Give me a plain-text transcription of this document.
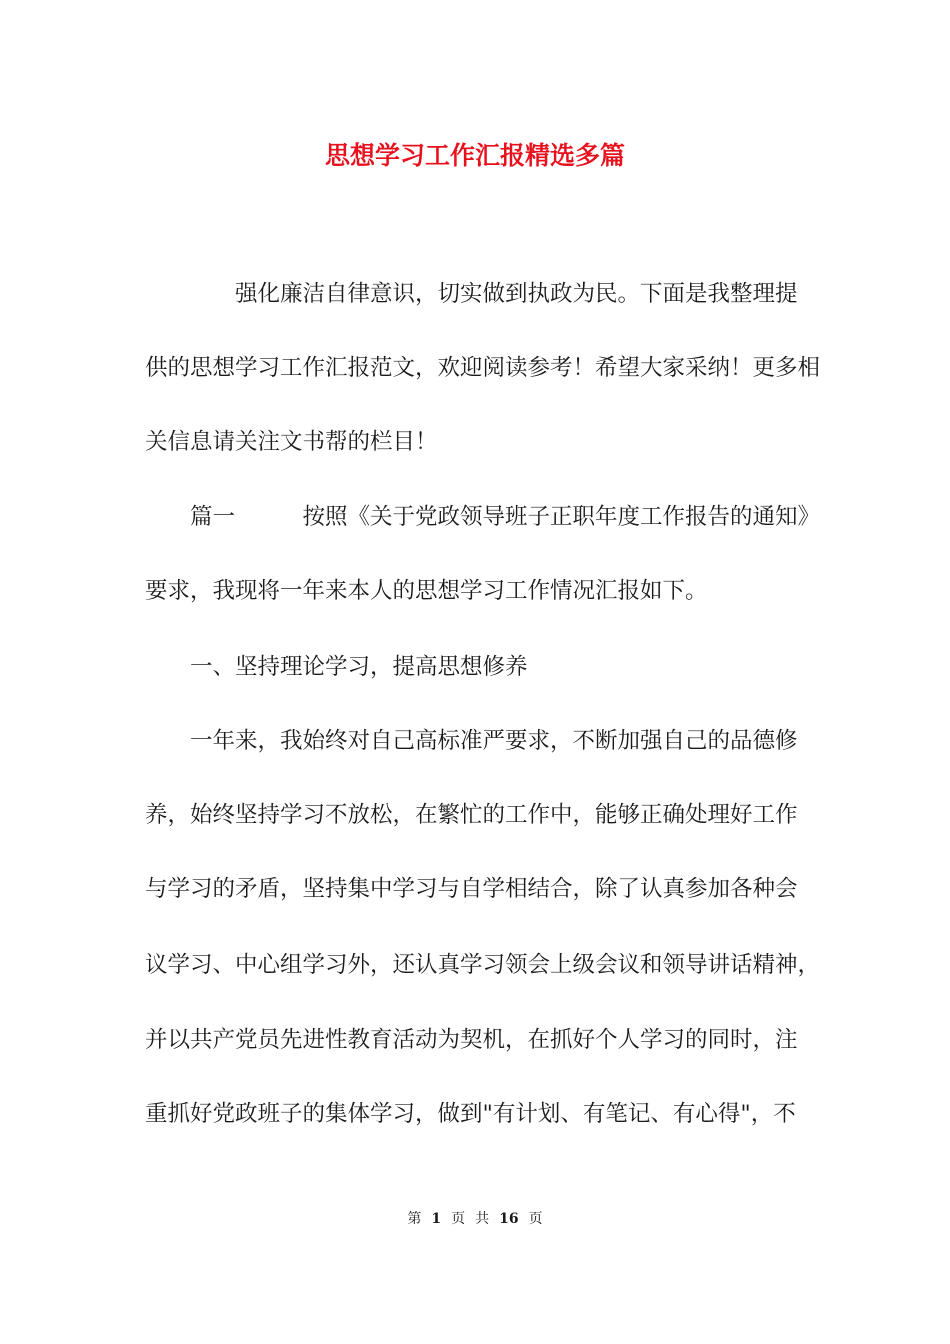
思想学习工作汇报精选多篇
　　　　强化廉洁自律意识，切实做到执政为民。下面是我整理提
供的思想学习工作汇报范文，欢迎阅读参考！希望大家采纳！更多相
关信息请关注文书帮的栏目！
　　篇一　　　按照《关于党政领导班子正职年度工作报告的通知》
要求，我现将一年来本人的思想学习工作情况汇报如下。
　　一、坚持理论学习，提高思想修养
　　一年来，我始终对自己高标准严要求，不断加强自己的品德修
养，始终坚持学习不放松，在繁忙的工作中，能够正确处理好工作
与学习的矛盾，坚持集中学习与自学相结合，除了认真参加各种会
议学习、中心组学习外，还认真学习领会上级会议和领导讲话精神，
并以共产党员先进性教育活动为契机，在抓好个人学习的同时，注
重抓好党政班子的集体学习，做到"有计划、有笔记、有心得"，不
第 1 页 共 16 页
